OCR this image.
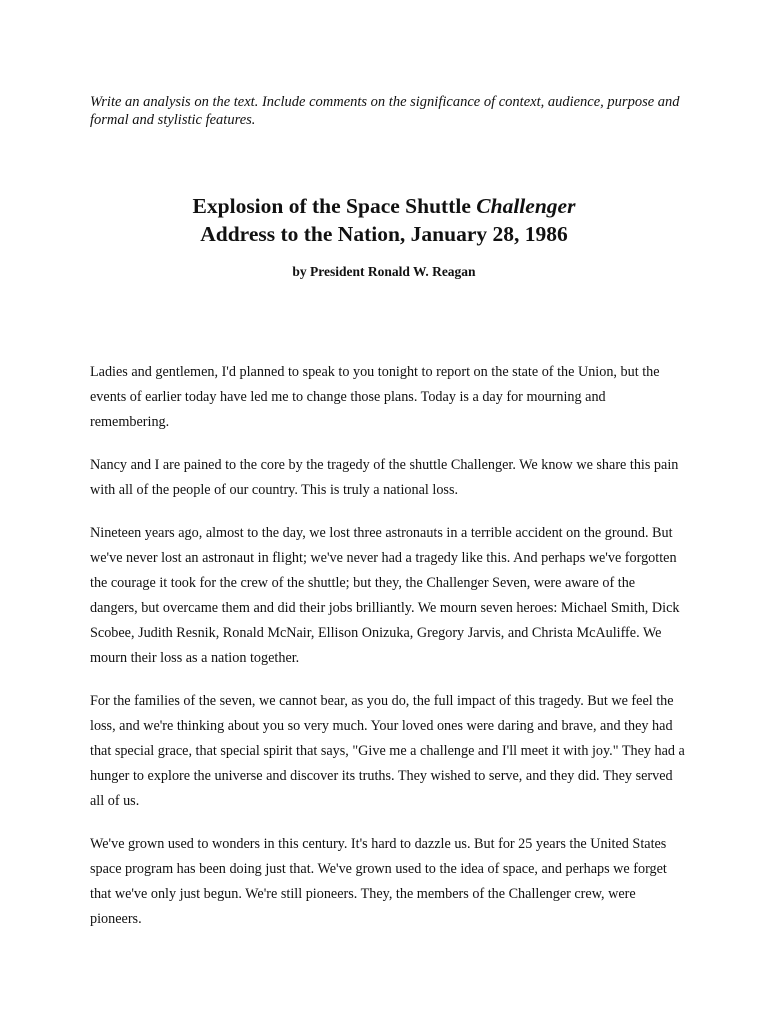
Write an analysis on the text. Include comments on the significance of context, audience, purpose and formal and stylistic features.

Explosion of the Space Shuttle Challenger

Address to the Nation, January 28, 1986

by President Ronald W. Reagan

Ladies and gentlemen, I'd planned to speak to you tonight to report on the state of the Union, but the events of earlier today have led me to change those plans. Today is a day for mourning and remembering.

Nancy and I are pained to the core by the tragedy of the shuttle Challenger. We know we share this pain with all of the people of our country. This is truly a national loss.

Nineteen years ago, almost to the day, we lost three astronauts in a terrible accident on the ground. But we've never lost an astronaut in flight; we've never had a tragedy like this. And perhaps we've forgotten the courage it took for the crew of the shuttle; but they, the Challenger Seven, were aware of the dangers, but overcame them and did their jobs brilliantly. We mourn seven heroes: Michael Smith, Dick Scobee, Judith Resnik, Ronald McNair, Ellison Onizuka, Gregory Jarvis, and Christa McAuliffe. We mourn their loss as a nation together.

For the families of the seven, we cannot bear, as you do, the full impact of this tragedy. But we feel the loss, and we're thinking about you so very much. Your loved ones were daring and brave, and they had that special grace, that special spirit that says, "Give me a challenge and I'll meet it with joy." They had a hunger to explore the universe and discover its truths. They wished to serve, and they did. They served all of us.

We've grown used to wonders in this century. It's hard to dazzle us. But for 25 years the United States space program has been doing just that. We've grown used to the idea of space, and perhaps we forget that we've only just begun. We're still pioneers. They, the members of the Challenger crew, were pioneers.
